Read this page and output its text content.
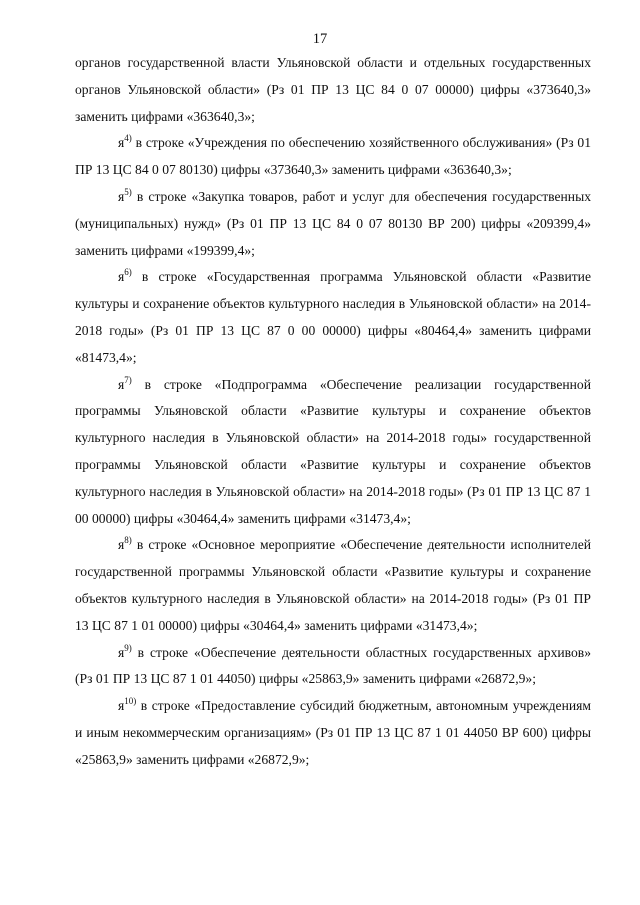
17

органов государственной власти Ульяновской области и отдельных государственных органов Ульяновской области» (Рз 01 ПР 13 ЦС 84 0 07 00000) цифры «373640,3» заменить цифрами «363640,3»;

$я^{4)}$ в строке «Учреждения по обеспечению хозяйственного обслуживания» (Рз 01 ПР 13 ЦС 84 0 07 80130) цифры «373640,3» заменить цифрами «363640,3»;

$я^{5)}$ в строке «Закупка товаров, работ и услуг для обеспечения государственных (муниципальных) нужд» (Рз 01 ПР 13 ЦС 84 0 07 80130 ВР 200) цифры «209399,4» заменить цифрами «199399,4»;

$я^{6)}$ в строке «Государственная программа Ульяновской области «Развитие культуры и сохранение объектов культурного наследия в Ульяновской области» на 2014-2018 годы» (Рз 01 ПР 13 ЦС 87 0 00 00000) цифры «80464,4» заменить цифрами «81473,4»;

$я^{7)}$ в строке «Подпрограмма «Обеспечение реализации государственной программы Ульяновской области «Развитие культуры и сохранение объектов культурного наследия в Ульяновской области» на 2014-2018 годы» государственной программы Ульяновской области «Развитие культуры и сохранение объектов культурного наследия в Ульяновской области» на 2014-2018 годы» (Рз 01 ПР 13 ЦС 87 1 00 00000) цифры «30464,4» заменить цифрами «31473,4»;

$я^{8)}$ в строке «Основное мероприятие «Обеспечение деятельности исполнителей государственной программы Ульяновской области «Развитие культуры и сохранение объектов культурного наследия в Ульяновской области» на 2014-2018 годы» (Рз 01 ПР 13 ЦС 87 1 01 00000) цифры «30464,4» заменить цифрами «31473,4»;

$я^{9)}$ в строке «Обеспечение деятельности областных государственных архивов» (Рз 01 ПР 13 ЦС 87 1 01 44050) цифры «25863,9» заменить цифрами «26872,9»;

$я^{10)}$ в строке «Предоставление субсидий бюджетным, автономным учреждениям и иным некоммерческим организациям» (Рз 01 ПР 13 ЦС 87 1 01 44050 ВР 600) цифры «25863,9» заменить цифрами «26872,9»;
